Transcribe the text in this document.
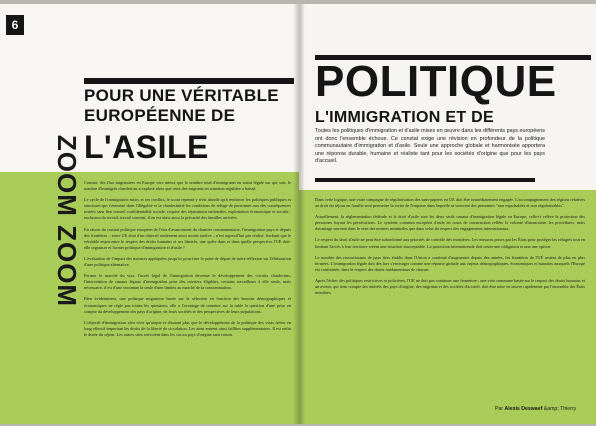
6
ZOOM ZOOM
POUR UNE VÉRITABLE
EUROPÉENNE DE
L'ASILE

Constat: des flux migratoires en Europe vers mieux que le nombre total d'immigrants en statut légale sur qui soit, le nombre d'immigrés clandestins a explosé alors que ceux des migrants en situation régulière a baissé.

Le cycle de l'immigration mixe, et ses conflits, le scout repensé y n'est abordé qu'à renforcer les politiques publiques et structures qui s'entraine dans l'illégalité et la clandestinité les conditions de refuge de personnes aux des conséquences restées sans lien conseil confidentialité sociale, requise des séparations nationales, exploitation économique et sociale : exclusion du travail, travail souvent, il en est ainsi aussi la précarité des familles arrivées.

En raison du constat politique européen de l'état d'avancement du chantier communautaire, l'immigration pays et depuis des frontières – entre UE dont d'un objectif seulement aussi moins tardive – n'est aujourd'hui pas réalisé. Sachant que le véritable enjeu entre le respect des droits humains et ses libertés, une quête dans et dans quelle perspective l'UE doit-elle organiser et former politique d'immigration et d'asile ?

L'évaluation de l'impact des mesures appliquées jusqu'ici pour tirer le point de départ de notre réflexion sur l'élaboration d'une politique alternative.

Fermer le marché du visa, l'accès légal de l'immigration devenue le développement des circuits clandestins, l'intervention de canaux légaux d'immigration pour des ouvriers éligibles, certains travailleurs à elle seule, mais nécessaire, il est d'une inconnue la seule d'une limites au marché de la consommation.

Bien évidemment, une politique migratoire basée sur la sélection en fonction des besoins démographiques et économiques ne règle pas toutes les questions; elle a l'avantage de remettre sur la table la question d'une prise en compte du développement des pays d'origine, de leurs sociétés et des perspectives de leurs populations.

L'objectif d'immigration zéro n'est qu'utopie et d'autant plus que le développement de la politique des visas freine en long effectif important les droits de la liberté de circulation. Les ainsi entrent ainsi faillites supplémentaires. Il est enfin le durée du séjour. Les autres sites renvoient dans les cas au pays d'origine sans raison.

POLITIQUE
L'IMMIGRATION ET DE
Toutes les politiques d'immigration et d'asile mises en œuvre dans les différents pays européens ont donc l'ensemble échoue. Ce constat exige une révision en profondeur de la politique communautaire d'immigration et d'asile. Seule une approche globale et harmonisée apportera une réponse durable, humaine et réaliste tant pour les sociétés d'origine que pour les pays d'accueil.

Dans cette logique, une vraie campagne de régularisation des sans-papiers en UE doit être immédiatement engagée. L'accompagnement des régions relatives au droit du séjour en famille sont permettre la sortie de l'impasse dans laquelle se trouvent des personnes "non expulsables et non régularisables".

Actuellement, la réglementation fédérale et le droit d'asile sont les deux seuls canaux d'immigration légale en Europe, celle-ci relève la protection des personnes fuyant les persécutions. Le système commun européen d'asile en cours de construction reflète la volonté d'harmoniser les procédures, mais davantage souvent dans le sens des normes minimales que dans celui du respect des engagements internationaux.

Le respect du droit d'asile ne peut être subordonné aux priorités de contrôle des frontières. Les mesures prises par les États pour protéger les réfugiés tout en limitant l'accès à leur territoire créent une situation inacceptable. La protection internationale doit rester une obligation et non une option.

Le nombre des ressortissants de pays tiers établis dans l'Union a continué d'augmenter depuis des années, les frontières de l'UE restent de plus en plus fermées. L'immigration légale doit dès lors s'envisager comme une réponse globale aux enjeux démographiques, économiques et humains auxquels l'Europe est confrontée, dans le respect des droits fondamentaux de chacun.

Après l'échec des politiques restrictives et policières, l'UE ne doit pas continuer une fermeture : une voie commune basée sur le respect des droits humains et un avenir, qui tient compte des intérêts des pays d'origine, des migrants et des sociétés d'accueil, doit être mise en œuvre rapidement par l'ensemble des États membres.

Par Alexis Deswaef &amp; Thierry
